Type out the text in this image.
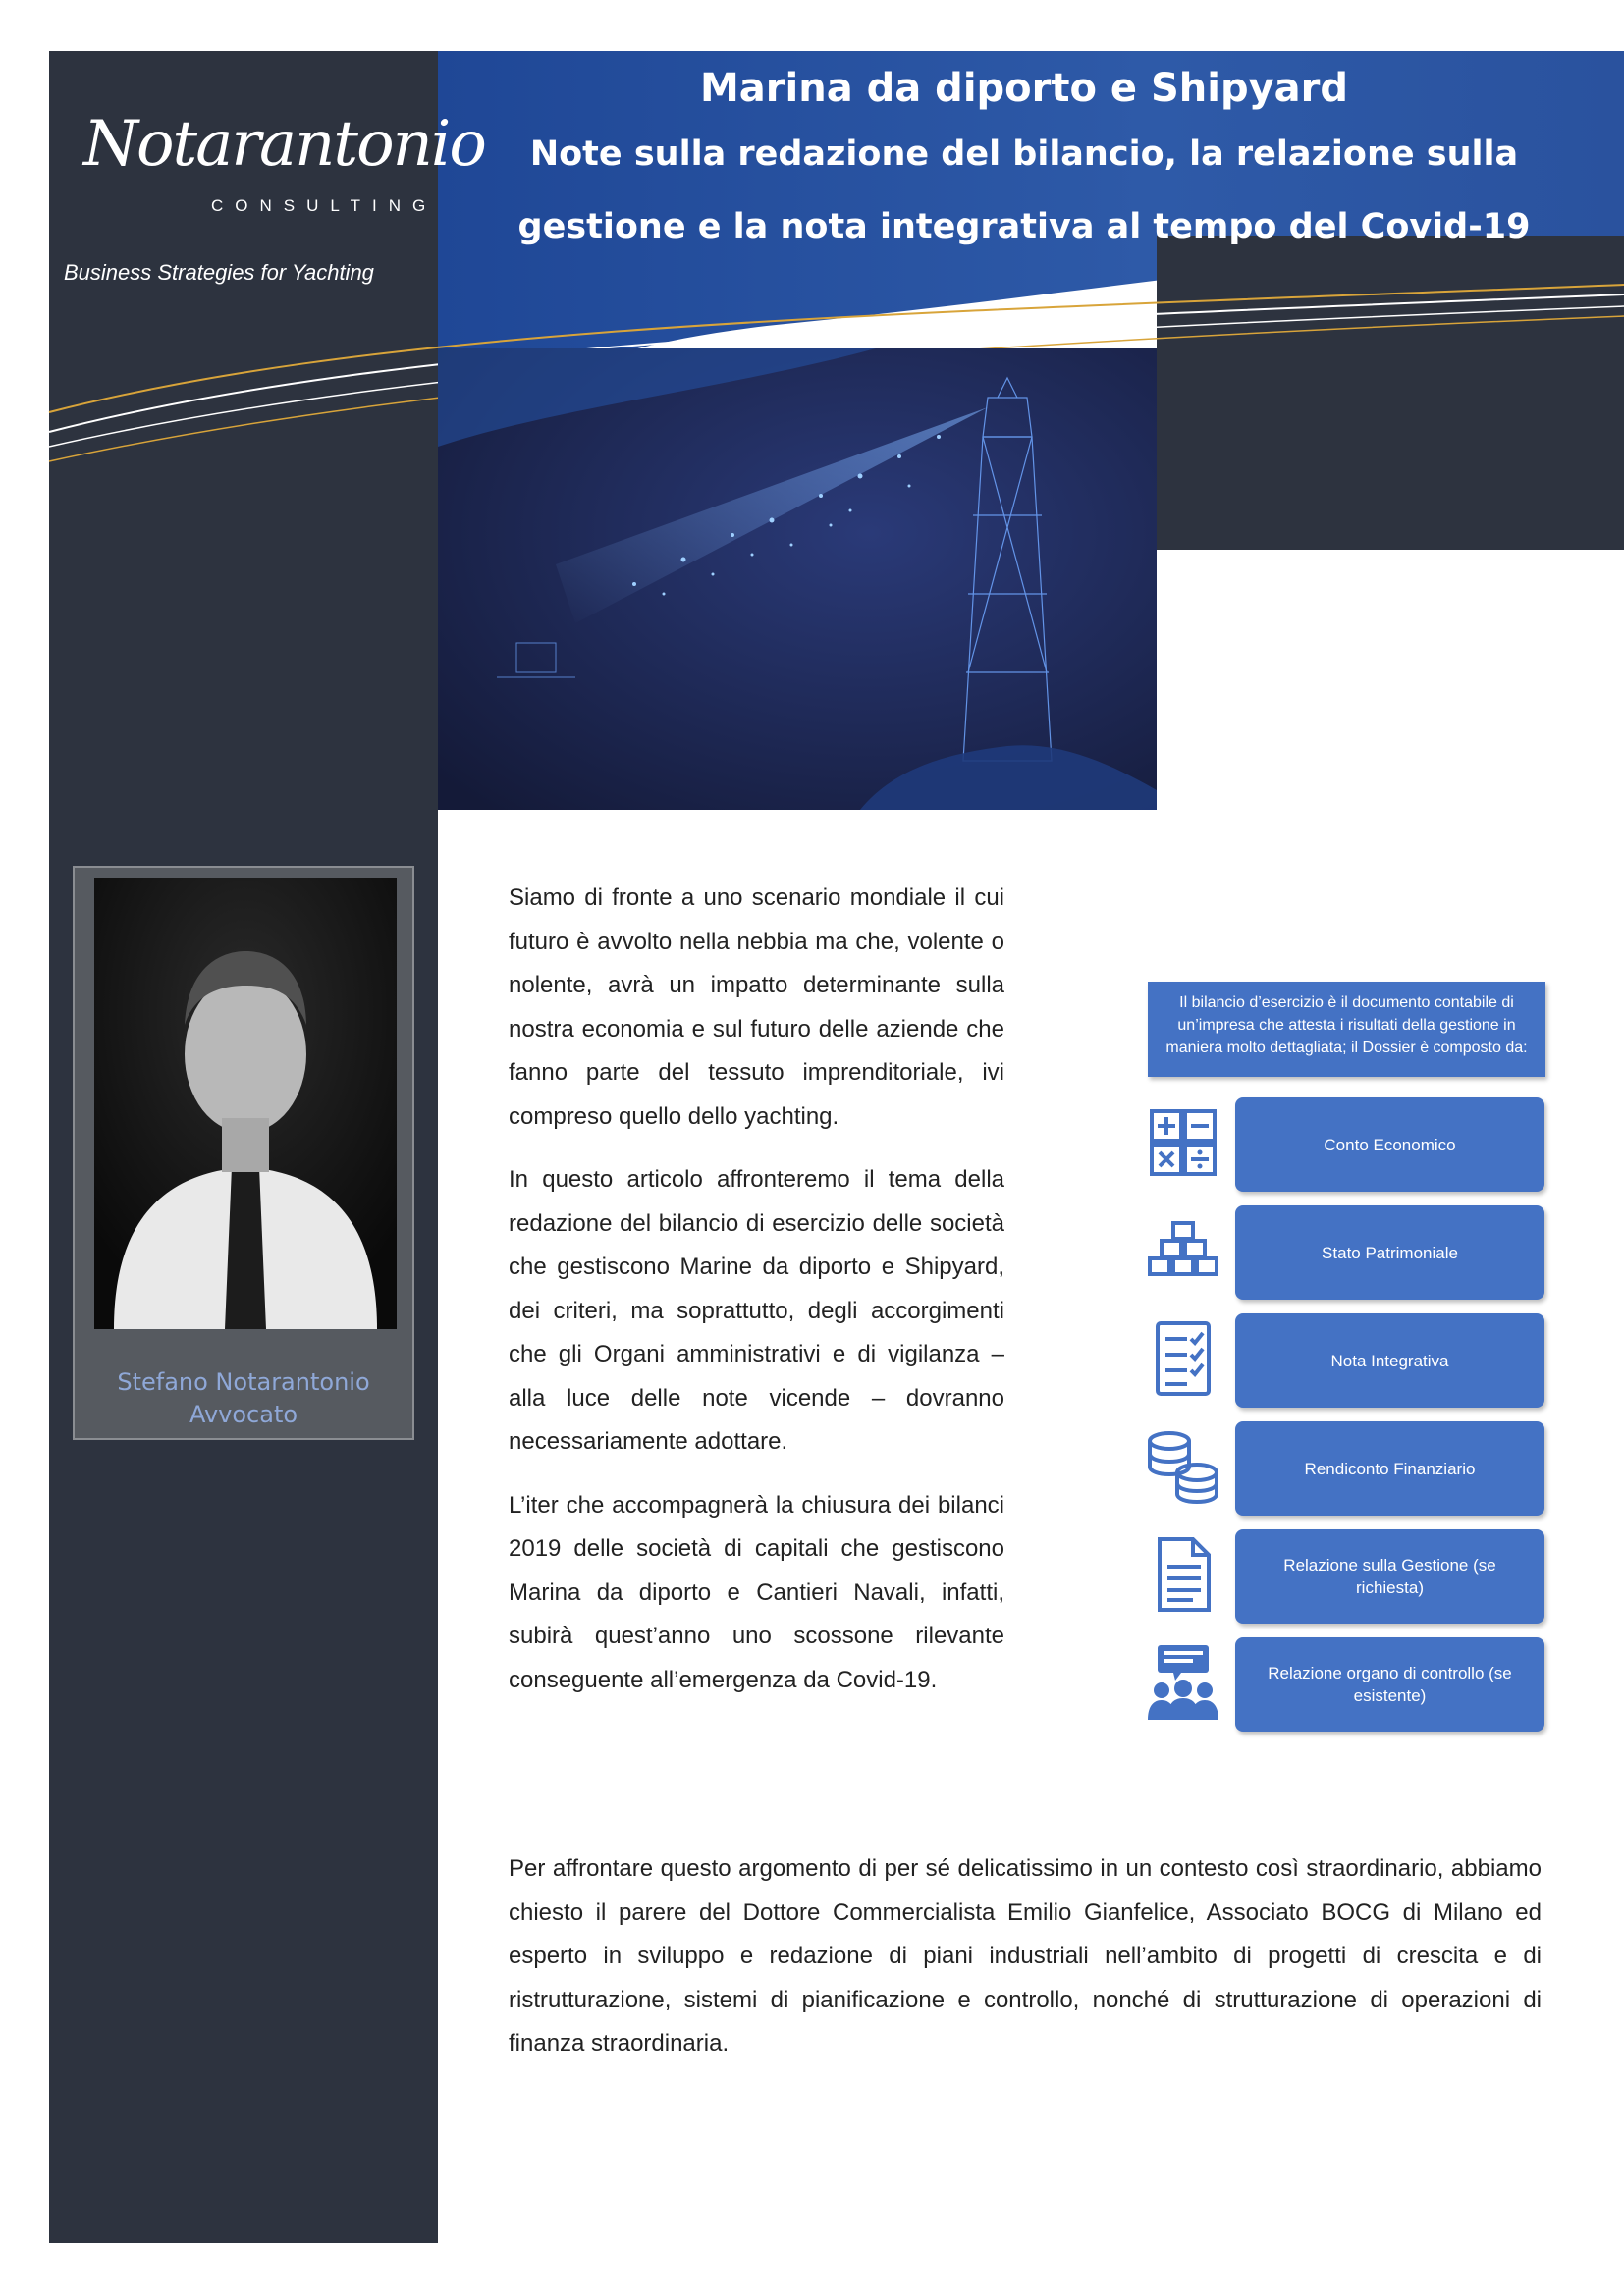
Notarantonio
CONSULTING
Business Strategies for Yachting
Marina da diporto e Shipyard
Note sulla redazione del bilancio, la relazione sulla
gestione e la nota integrativa al tempo del Covid-19
Stefano Notarantonio
Avvocato

Siamo di fronte a uno scenario mondiale il cui futuro è avvolto nella nebbia ma che, volente o nolente, avrà un impatto determinante sulla nostra economia e sul futuro delle aziende che fanno parte del tessuto imprenditoriale, ivi compreso quello dello yachting.

In questo articolo affronteremo il tema della redazione del bilancio di esercizio delle società che gestiscono Marine da diporto e Shipyard, dei criteri, ma soprattutto, degli accorgimenti che gli Organi amministrativi e di vigilanza – alla luce delle note vicende – dovranno necessariamente adottare.

L’iter che accompagnerà la chiusura dei bilanci 2019 delle società di capitali che gestiscono Marina da diporto e Cantieri Navali, infatti, subirà quest’anno uno scossone rilevante conseguente all’emergenza da Covid-19.

Per affrontare questo argomento di per sé delicatissimo in un contesto così straordinario, abbiamo chiesto il parere del Dottore Commercialista Emilio Gianfelice, Associato BOCG di Milano ed esperto in sviluppo e redazione di piani industriali nell’ambito di progetti di crescita e di ristrutturazione, sistemi di pianificazione e controllo, nonché di strutturazione di operazioni di finanza straordinaria.

Il bilancio d’esercizio è il documento contabile di un’impresa che attesta i risultati della gestione in maniera molto dettagliata; il Dossier è composto da:
Conto Economico
Stato Patrimoniale
Nota Integrativa
Rendiconto Finanziario
Relazione sulla Gestione (se richiesta)
Relazione organo di controllo (se esistente)
